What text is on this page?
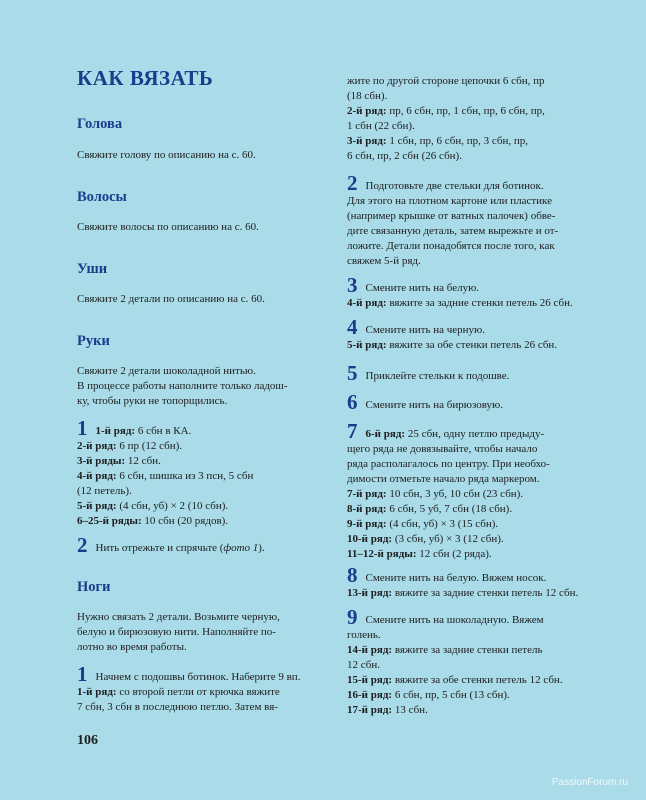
КАК ВЯЗАТЬ
Голова

Свяжите голову по описанию на с. 60.

Волосы

Свяжите волосы по описанию на с. 60.

Уши

Свяжите 2 детали по описанию на с. 60.

Руки

Свяжите 2 детали шоколадной нитью.
В процессе работы наполните только ладош-
ку, чтобы руки не топорщились.

1 1-й ряд: 6 сбн в КА.
2-й ряд: 6 пр (12 сбн).
3-й ряды: 12 сбн.
4-й ряд: 6 сбн, шишка из 3 псн, 5 сбн
(12 петель).
5-й ряд: (4 сбн, уб) × 2 (10 сбн).
6–25-й ряды: 10 сбн (20 рядов).

2 Нить отрежьте и спрячьте (фото 1).

Ноги

Нужно связать 2 детали. Возьмите черную,
белую и бирюзовую нити. Наполняйте по-
лотно во время работы.

1 Начнем с подошвы ботинок. Наберите 9 вп.
1-й ряд: со второй петли от крючка вяжите
7 сбн, 3 сбн в последнюю петлю. Затем вя-

жите по другой стороне цепочки 6 сбн, пр
(18 сбн).
2-й ряд: пр, 6 сбн, пр, 1 сбн, пр, 6 сбн, пр,
1 сбн (22 сбн).
3-й ряд: 1 сбн, пр, 6 сбн, пр, 3 сбн, пр,
6 сбн, пр, 2 сбн (26 сбн).

2 Подготовьте две стельки для ботинок.
Для этого на плотном картоне или пластике
(например крышке от ватных палочек) обве-
дите связанную деталь, затем вырежьте и от-
ложите. Детали понадобятся после того, как
свяжем 5-й ряд.

3 Смените нить на белую.
4-й ряд: вяжите за задние стенки петель 26 сбн.

4 Смените нить на черную.
5-й ряд: вяжите за обе стенки петель 26 сбн.

5 Приклейте стельки к подошве.

6 Смените нить на бирюзовую.

7 6-й ряд: 25 сбн, одну петлю предыду-
щего ряда не довязывайте, чтобы начало
ряда располагалось по центру. При необхо-
димости отметьте начало ряда маркером.
7-й ряд: 10 сбн, 3 уб, 10 сбн (23 сбн).
8-й ряд: 6 сбн, 5 уб, 7 сбн (18 сбн).
9-й ряд: (4 сбн, уб) × 3 (15 сбн).
10-й ряд: (3 сбн, уб) × 3 (12 сбн).
11–12-й ряды: 12 сбн (2 ряда).

8 Смените нить на белую. Вяжем носок.
13-й ряд: вяжите за задние стенки петель 12 сбн.

9 Смените нить на шоколадную. Вяжем
голень.
14-й ряд: вяжите за задние стенки петель
12 сбн.
15-й ряд: вяжите за обе стенки петель 12 сбн.
16-й ряд: 6 сбн, пр, 5 сбн (13 сбн).
17-й ряд: 13 сбн.

106

PassionForum.ru
